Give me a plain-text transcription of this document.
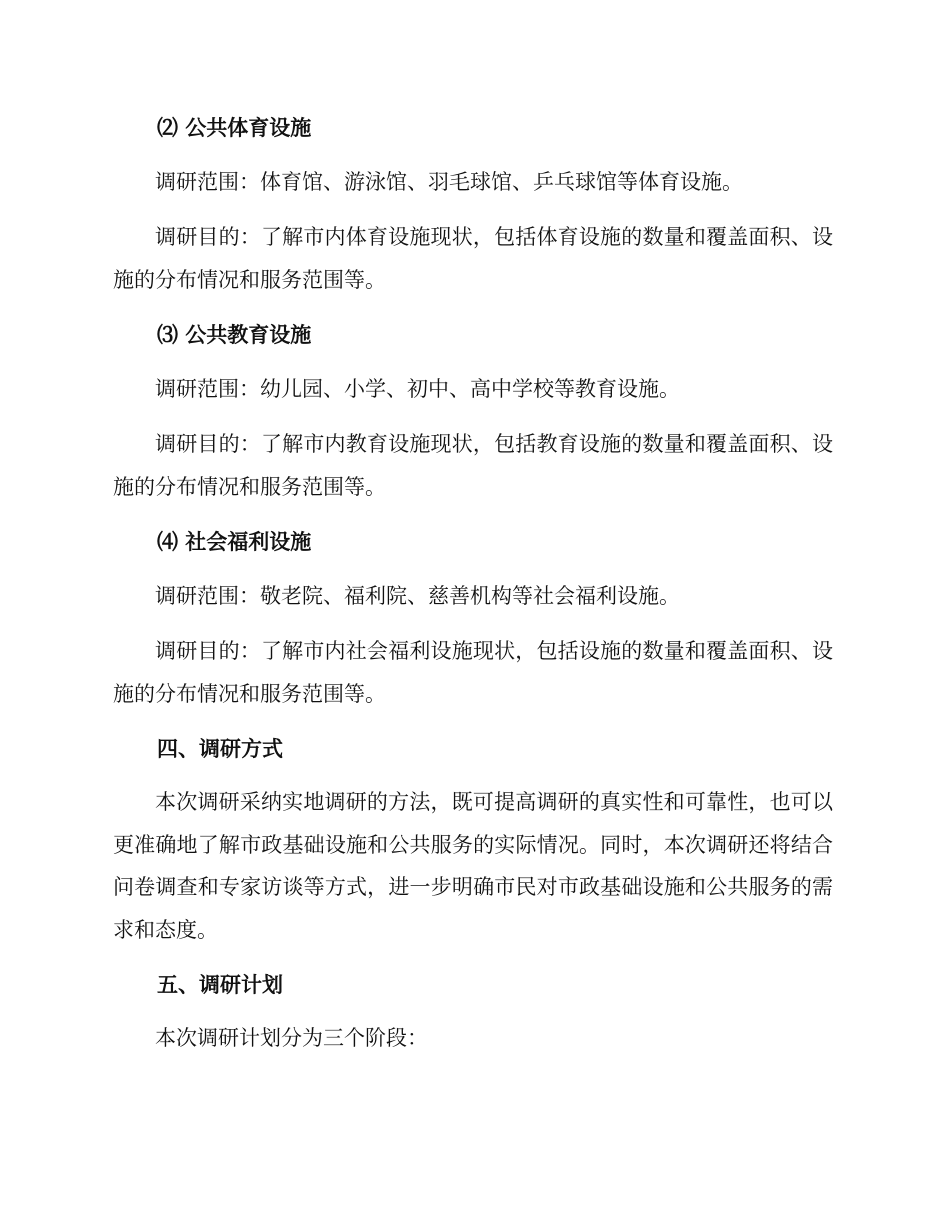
⑵ 公共体育设施

调研范围：体育馆、游泳馆、羽毛球馆、乒乓球馆等体育设施。

调研目的：了解市内体育设施现状，包括体育设施的数量和覆盖面积、设施的分布情况和服务范围等。

⑶ 公共教育设施

调研范围：幼儿园、小学、初中、高中学校等教育设施。

调研目的：了解市内教育设施现状，包括教育设施的数量和覆盖面积、设施的分布情况和服务范围等。

⑷ 社会福利设施

调研范围：敬老院、福利院、慈善机构等社会福利设施。

调研目的：了解市内社会福利设施现状，包括设施的数量和覆盖面积、设施的分布情况和服务范围等。

四、调研方式

本次调研采纳实地调研的方法，既可提高调研的真实性和可靠性，也可以更准确地了解市政基础设施和公共服务的实际情况。同时，本次调研还将结合问卷调查和专家访谈等方式，进一步明确市民对市政基础设施和公共服务的需求和态度。

五、调研计划

本次调研计划分为三个阶段：
